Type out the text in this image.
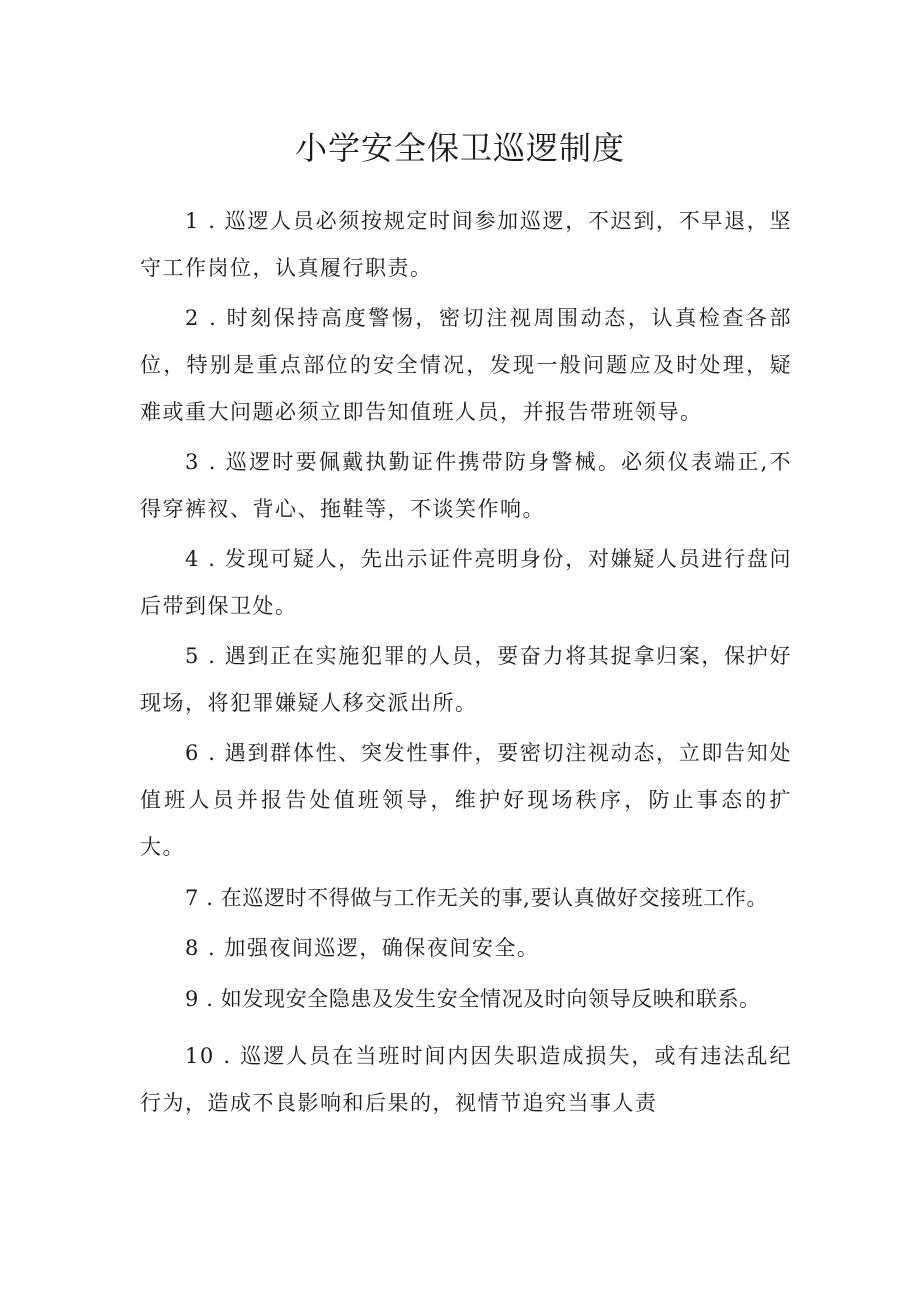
小学安全保卫巡逻制度

1 . 巡逻人员必须按规定时间参加巡逻，不迟到，不早退，坚守工作岗位，认真履行职责。

2 . 时刻保持高度警惕，密切注视周围动态，认真检查各部位，特别是重点部位的安全情况，发现一般问题应及时处理，疑难或重大问题必须立即告知值班人员，并报告带班领导。

3 . 巡逻时要佩戴执勤证件携带防身警械。必须仪表端正,不得穿裤衩、背心、拖鞋等，不谈笑作响。

4 . 发现可疑人，先出示证件亮明身份，对嫌疑人员进行盘问后带到保卫处。

5 . 遇到正在实施犯罪的人员，要奋力将其捉拿归案，保护好现场，将犯罪嫌疑人移交派出所。

6 . 遇到群体性、突发性事件，要密切注视动态，立即告知处值班人员并报告处值班领导，维护好现场秩序，防止事态的扩大。

7 . 在巡逻时不得做与工作无关的事,要认真做好交接班工作。

8 . 加强夜间巡逻，确保夜间安全。

9 . 如发现安全隐患及发生安全情况及时向领导反映和联系。

10 . 巡逻人员在当班时间内因失职造成损失，或有违法乱纪行为，造成不良影响和后果的，视情节追究当事人责
